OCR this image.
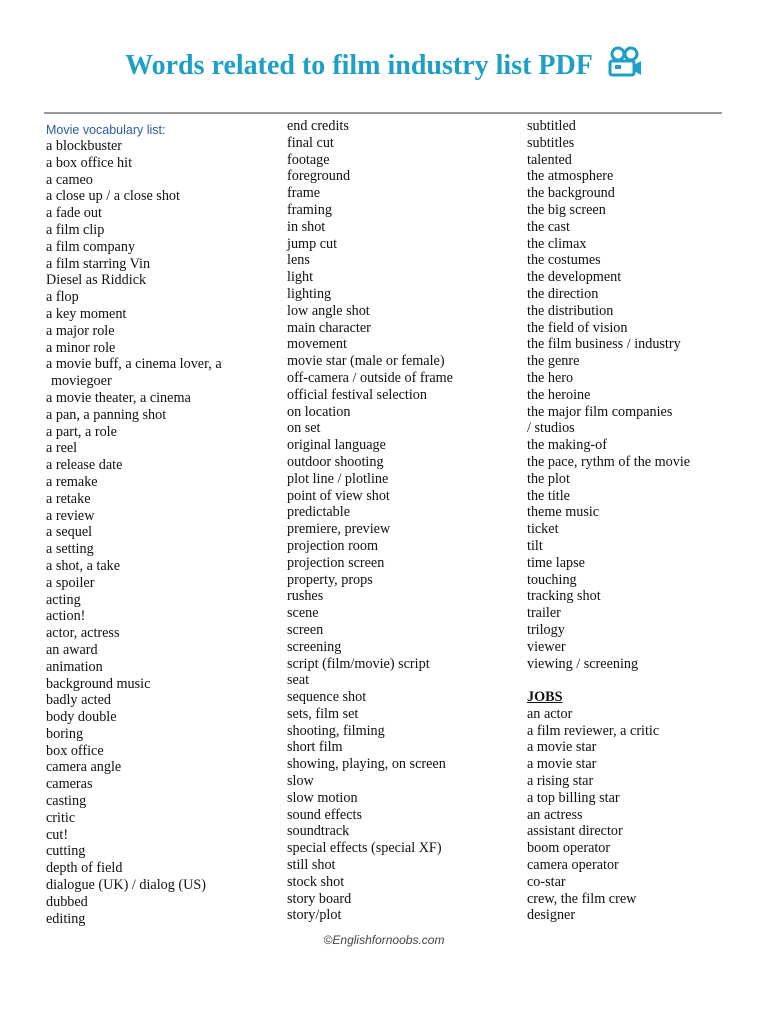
Words related to film industry list PDF
Movie vocabulary list:
a blockbuster
a box office hit
a cameo
a close up / a close shot
a fade out
a film clip
a film company
a film starring Vin
Diesel as Riddick
a flop
a key moment
a major role
a minor role
a movie buff, a cinema lover, a
moviegoer
a movie theater, a cinema
a pan, a panning shot
a part, a role
a reel
a release date
a remake
a retake
a review
a sequel
a setting
a shot, a take
a spoiler
acting
action!
actor, actress
an award
animation
background music
badly acted
body double
boring
box office
camera angle
cameras
casting
critic
cut!
cutting
depth of field
dialogue (UK) / dialog (US)
dubbed
editing
end credits
final cut
footage
foreground
frame
framing
in shot
jump cut
lens
light
lighting
low angle shot
main character
movement
movie star (male or female)
off-camera / outside of frame
official festival selection
on location
on set
original language
outdoor shooting
plot line / plotline
point of view shot
predictable
premiere, preview
projection room
projection screen
property, props
rushes
scene
screen
screening
script (film/movie) script
seat
sequence shot
sets, film set
shooting, filming
short film
showing, playing, on screen
slow
slow motion
sound effects
soundtrack
special effects (special XF)
still shot
stock shot
story board
story/plot
subtitled
subtitles
talented
the atmosphere
the background
the big screen
the cast
the climax
the costumes
the development
the direction
the distribution
the field of vision
the film business / industry
the genre
the hero
the heroine
the major film companies
/ studios
the making-of
the pace, rythm of the movie
the plot
the title
theme music
ticket
tilt
time lapse
touching
tracking shot
trailer
trilogy
viewer
viewing / screening
JOBS
an actor
a film reviewer, a critic
a movie star
a movie star
a rising star
a top billing star
an actress
assistant director
boom operator
camera operator
co-star
crew, the film crew
designer
©Englishfornoobs.com
